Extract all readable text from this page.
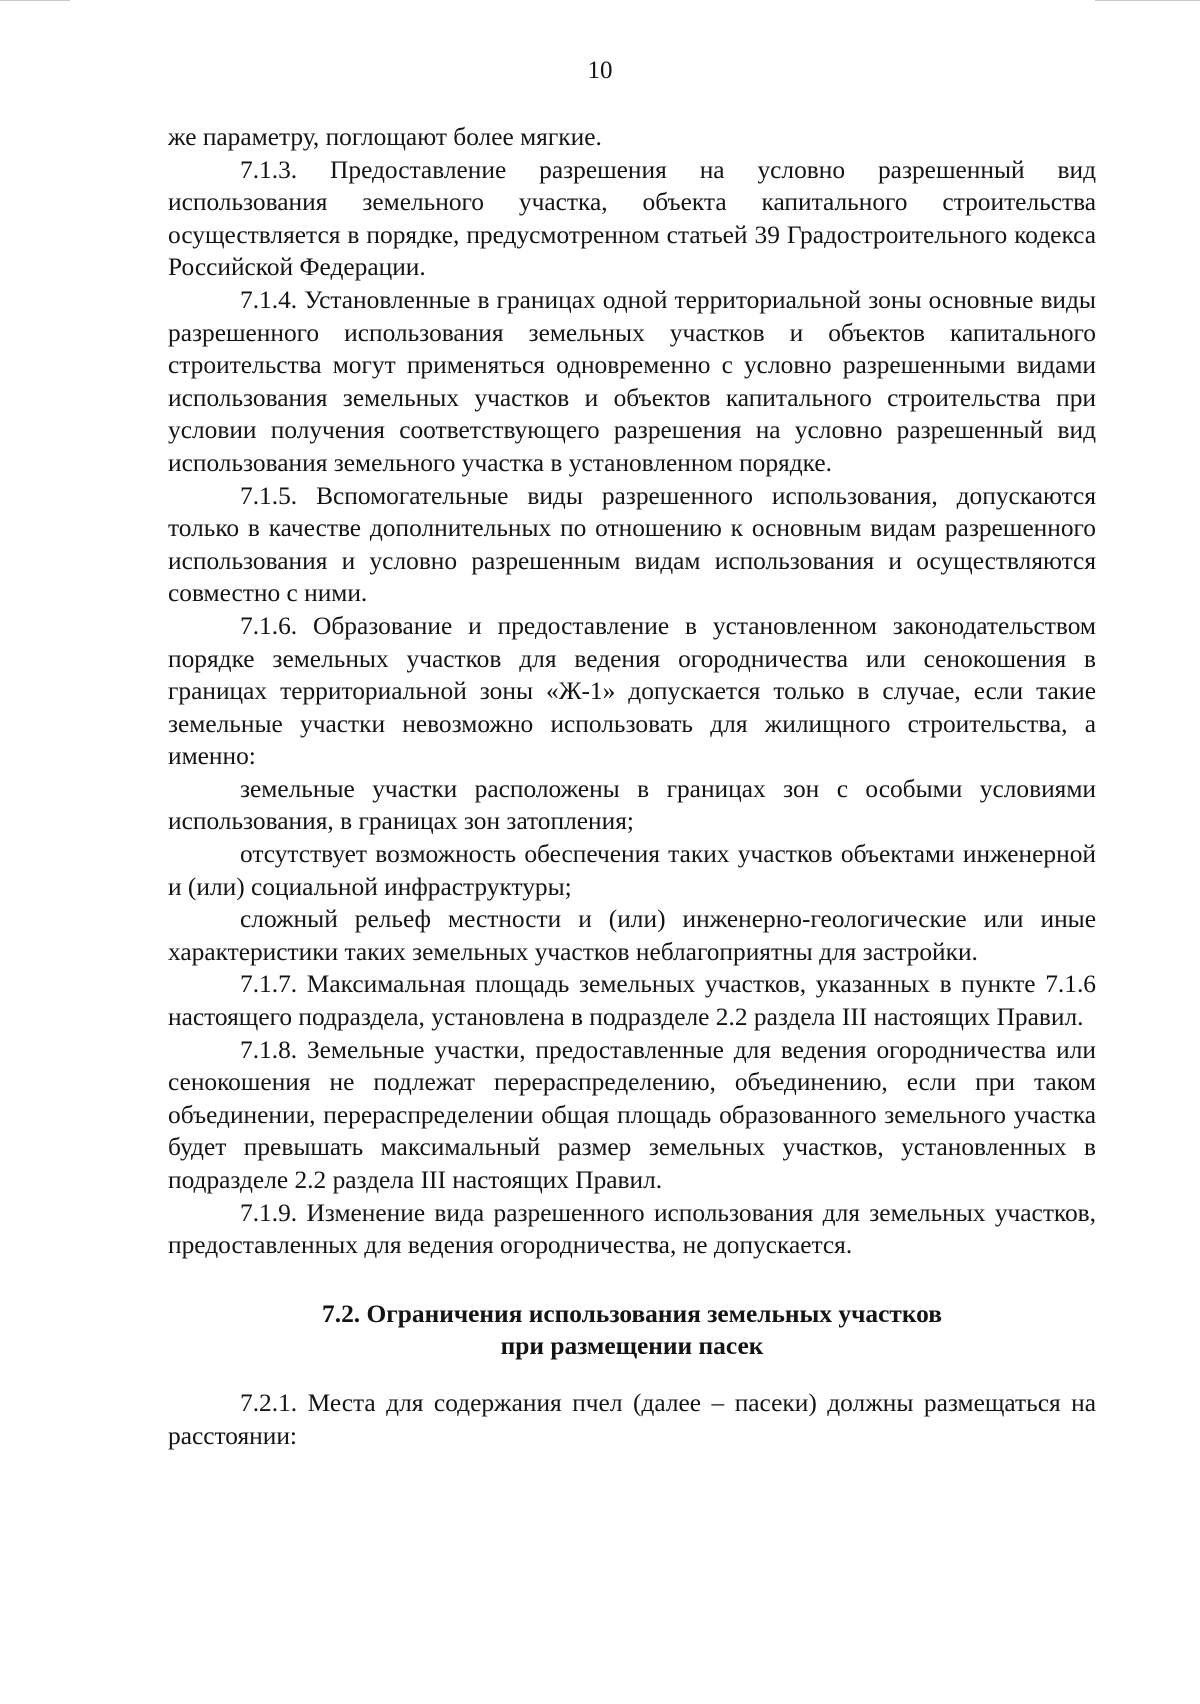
10

же параметру, поглощают более мягкие.

7.1.3. Предоставление разрешения на условно разрешенный вид использования земельного участка, объекта капитального строительства осуществляется в порядке, предусмотренном статьей 39 Градостроительного кодекса Российской Федерации.

7.1.4. Установленные в границах одной территориальной зоны основные виды разрешенного использования земельных участков и объектов капитального строительства могут применяться одновременно с условно разрешенными видами использования земельных участков и объектов капитального строительства при условии получения соответствующего разрешения на условно разрешенный вид использования земельного участка в установленном порядке.

7.1.5. Вспомогательные виды разрешенного использования, допускаются только в качестве дополнительных по отношению к основным видам разрешенного использования и условно разрешенным видам использования и осуществляются совместно с ними.

7.1.6. Образование и предоставление в установленном законодательством порядке земельных участков для ведения огородничества или сенокошения в границах территориальной зоны «Ж-1» допускается только в случае, если такие земельные участки невозможно использовать для жилищного строительства, а именно:

земельные участки расположены в границах зон с особыми условиями использования, в границах зон затопления;

отсутствует возможность обеспечения таких участков объектами инженерной и (или) социальной инфраструктуры;

сложный рельеф местности и (или) инженерно-геологические или иные характеристики таких земельных участков неблагоприятны для застройки.

7.1.7. Максимальная площадь земельных участков, указанных в пункте 7.1.6 настоящего подраздела, установлена в подразделе 2.2 раздела III настоящих Правил.

7.1.8. Земельные участки, предоставленные для ведения огородничества или сенокошения не подлежат перераспределению, объединению, если при таком объединении, перераспределении общая площадь образованного земельного участка будет превышать максимальный размер земельных участков, установленных в подразделе 2.2 раздела III настоящих Правил.

7.1.9. Изменение вида разрешенного использования для земельных участков, предоставленных для ведения огородничества, не допускается.

7.2. Ограничения использования земельных участков
при размещении пасек

7.2.1. Места для содержания пчел (далее – пасеки) должны размещаться на расстоянии:
